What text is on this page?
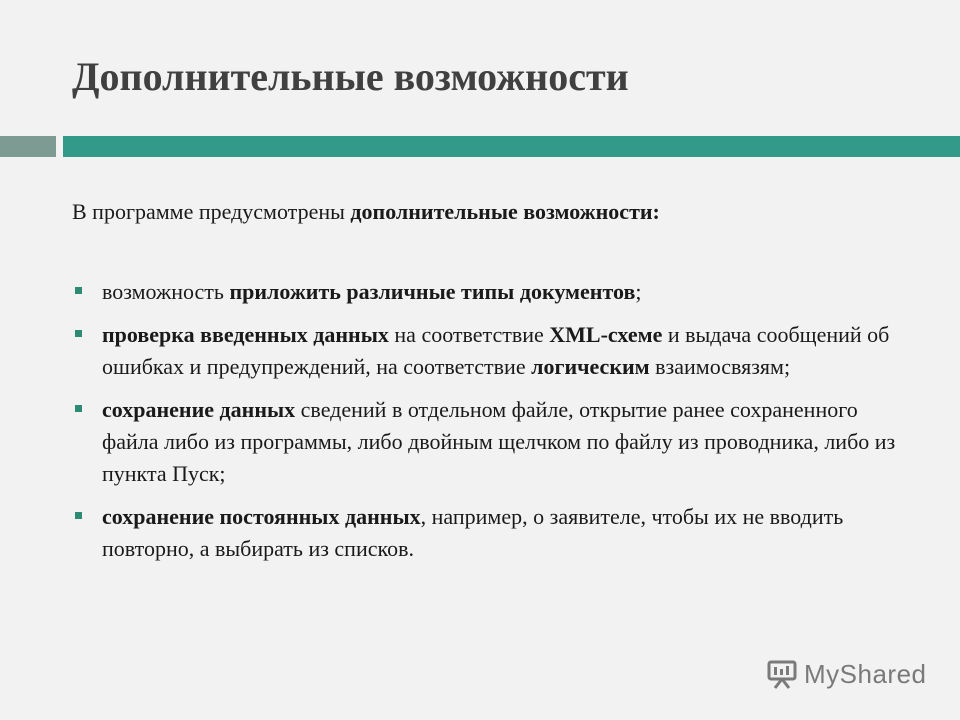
Дополнительные возможности

В программе предусмотрены дополнительные возможности:

возможность приложить различные типы документов;
проверка введенных данных на соответствие XML-схеме и выдача сообщений об ошибках и предупреждений, на соответствие логическим взаимосвязям;
сохранение данных сведений в отдельном файле, открытие ранее сохраненного файла либо из программы, либо двойным щелчком по файлу из проводника, либо из пункта Пуск;
сохранение постоянных данных, например, о заявителе, чтобы их не вводить повторно, а выбирать из списков.
MyShared
